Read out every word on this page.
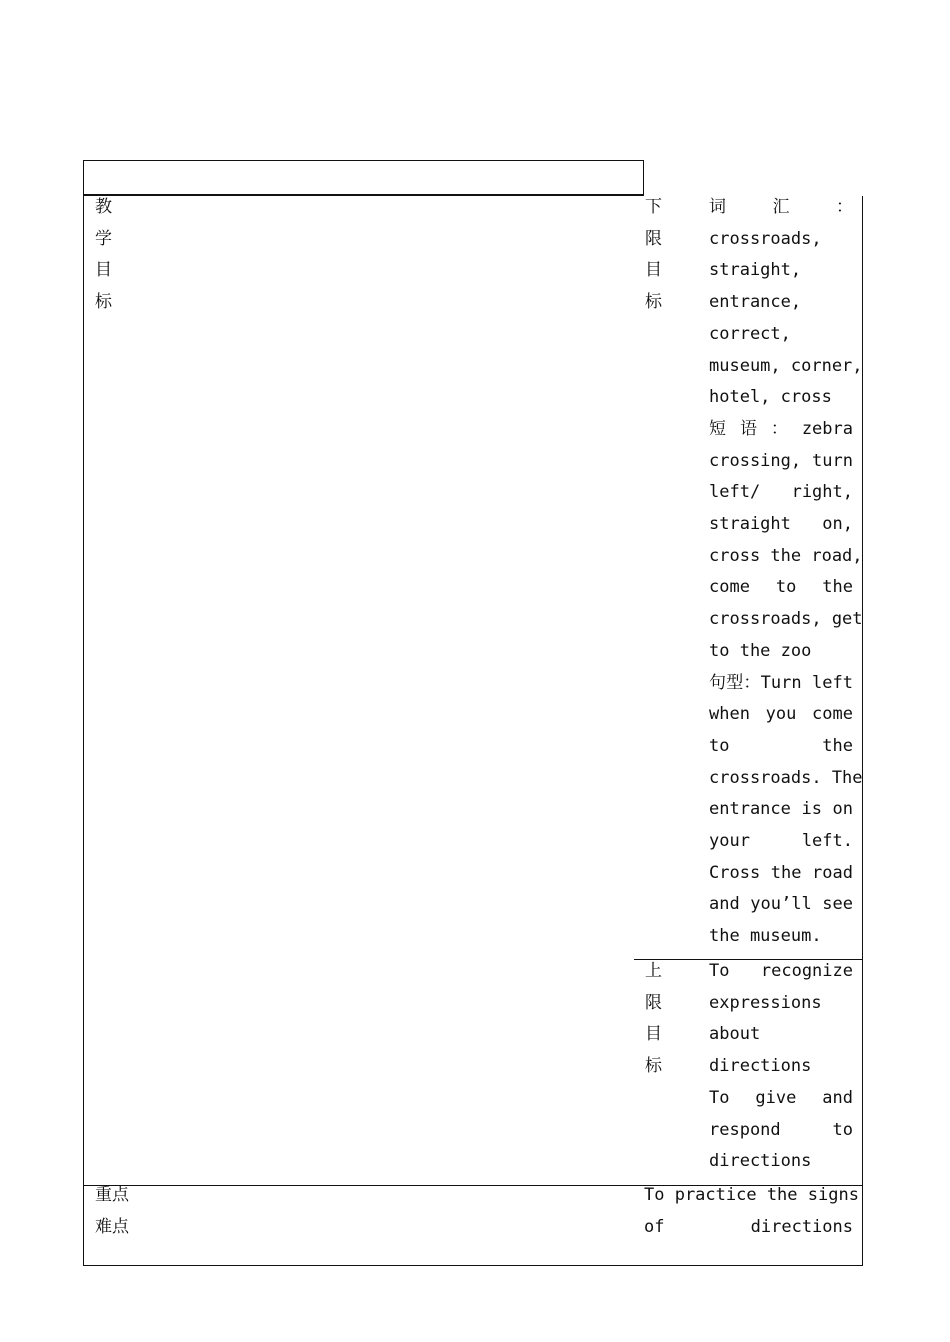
教
学
目
标
下
限
目
标
词 汇 ：
crossroads,
straight,
entrance,
correct,
museum, corner,
hotel, cross
短 语 ： zebra
crossing, turn
left/ right,
straight on,
cross the road,
come to the
crossroads, get
to the zoo
句型：Turn left
when you come
to the
crossroads. The
entrance is on
your left.
Cross the road
and you’ll see
the museum.
上
限
目
标
To recognize
expressions
about
directions
To give and
respond to
directions
重点
难点
To practice the signs
of directions
